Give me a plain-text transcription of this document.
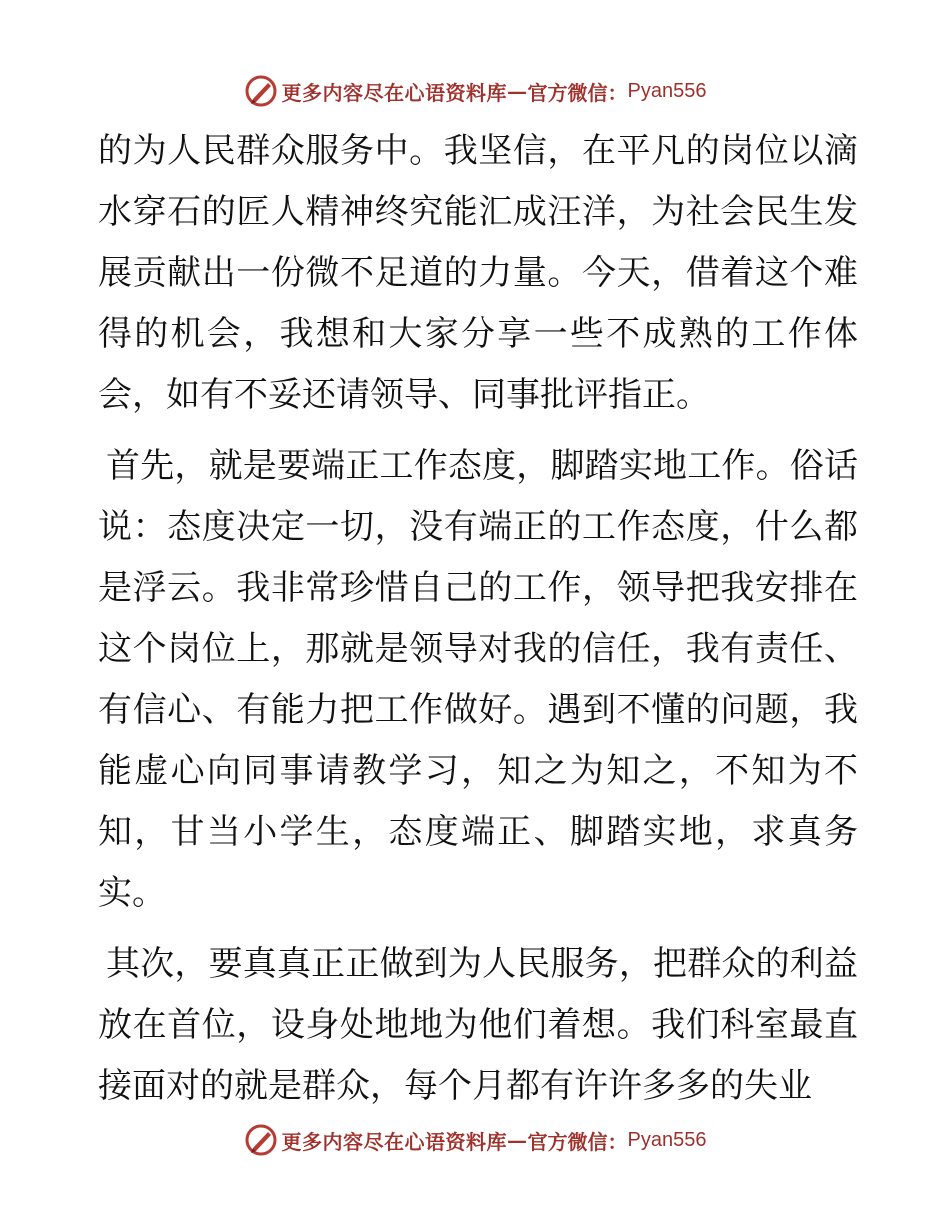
更多内容尽在心语资料库 — 官方微信： Pyan556

的为人民群众服务中。我坚信，在平凡的岗位以滴水穿石的匠人精神终究能汇成汪洋，为社会民生发展贡献出一份微不足道的力量。今天，借着这个难得的机会，我想和大家分享一些不成熟的工作体会，如有不妥还请领导、同事批评指正。

首先，就是要端正工作态度，脚踏实地工作。俗话说：态度决定一切，没有端正的工作态度，什么都是浮云。我非常珍惜自己的工作，领导把我安排在这个岗位上，那就是领导对我的信任，我有责任、有信心、有能力把工作做好。遇到不懂的问题，我能虚心向同事请教学习，知之为知之，不知为不知，甘当小学生，态度端正、脚踏实地，求真务实。

其次，要真真正正做到为人民服务，把群众的利益放在首位，设身处地地为他们着想。我们科室最直接面对的就是群众，每个月都有许许多多的失业

更多内容尽在心语资料库 — 官方微信： Pyan556
